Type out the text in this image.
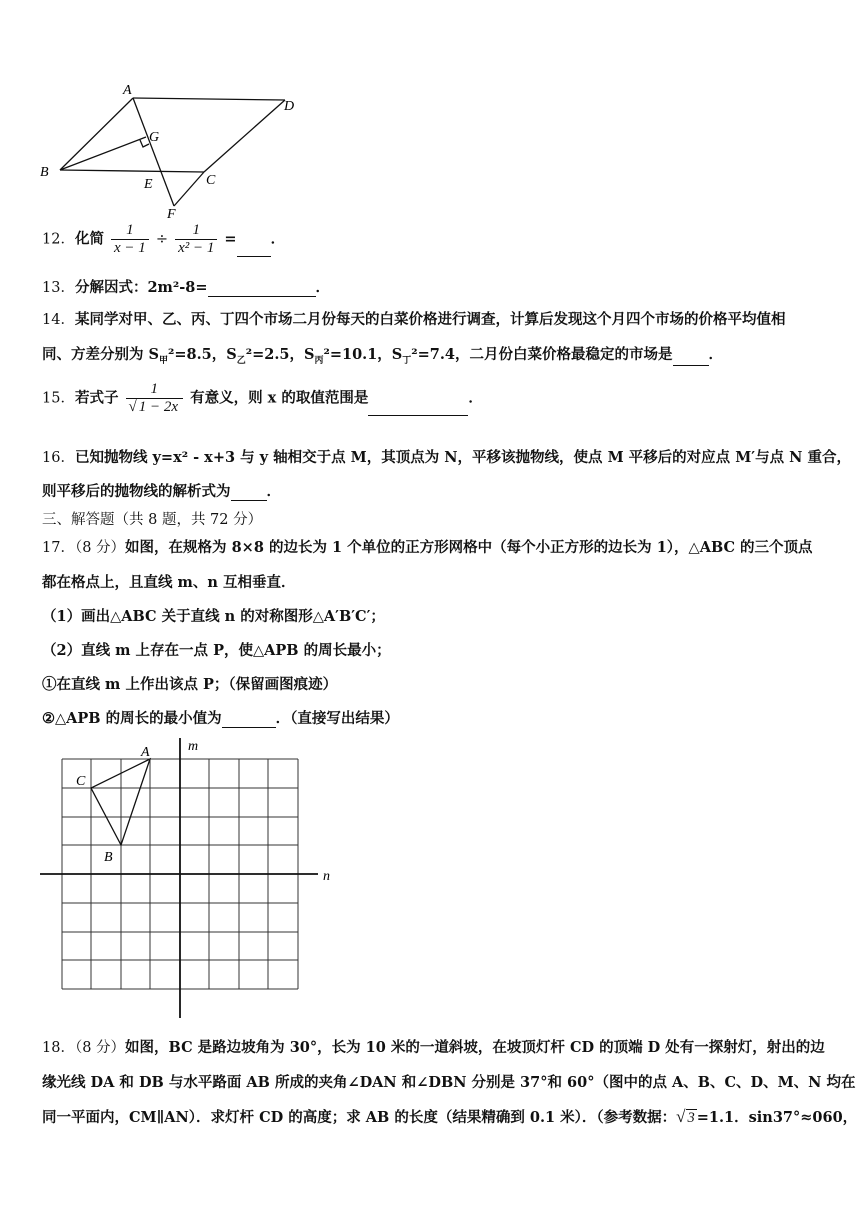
A
D
G
B
E	C
F
12．化简 $\frac{1}{x - 1} \div \frac{1}{\text{x² − 1}}$ = ．
13．分解因式：2m²-8=	．
14．某同学对甲、乙、丙、丁四个市场二月份每天的白菜价格进行调查，计算后发现这个月四个市场的价格平均值相
同、方差分别为 $S_甲^2=8.5$，$S_乙^2=2.5$，$S_丙^2=10.1$，$S_丁^2=7.4$，二月份白菜价格最稳定的市场是 ．
15．若式子 $\frac{1}{√ 1 - 2x}$ 有意义，则 x 的取值范围是	．
16．已知抛物线 y=x² - x+3 与 y 轴相交于点 M，其顶点为 N，平移该抛物线，使点 M 平移后的对应点 M′与点 N 重合，
则平移后的抛物线的解析式为 ．
三、解答题（共 8 题，共 72 分）
17．（8 分）如图，在规格为 8×8 的边长为 1 个单位的正方形网格中（每个小正方形的边长为 1），△ABC 的三个顶点
都在格点上，且直线 m、n 互相垂直．
（1）画出△ABC 关于直线 n 的对称图形△A′B′C′；
（2）直线 m 上存在一点 P，使△APB 的周长最小；
①在直线 m 上作出该点 P；（保留画图痕迹）
②△APB 的周长的最小值为	．（直接写出结果）
A
C
B
m
n
18．（8 分）如图，BC 是路边坡角为 30°，长为 10 米的一道斜坡，在坡顶灯杆 CD 的顶端 D 处有一探射灯，射出的边
缘光线 DA 和 DB 与水平路面 AB 所成的夹角∠DAN 和∠DBN 分别是 37°和 60°（图中的点 A、B、C、D、M、N 均在
同一平面内，CM∥AN）．求灯杆 CD 的高度；求 AB 的长度（结果精确到 0.1 米）．（参考数据：√ 3 =1.1．sin37°≈060，
